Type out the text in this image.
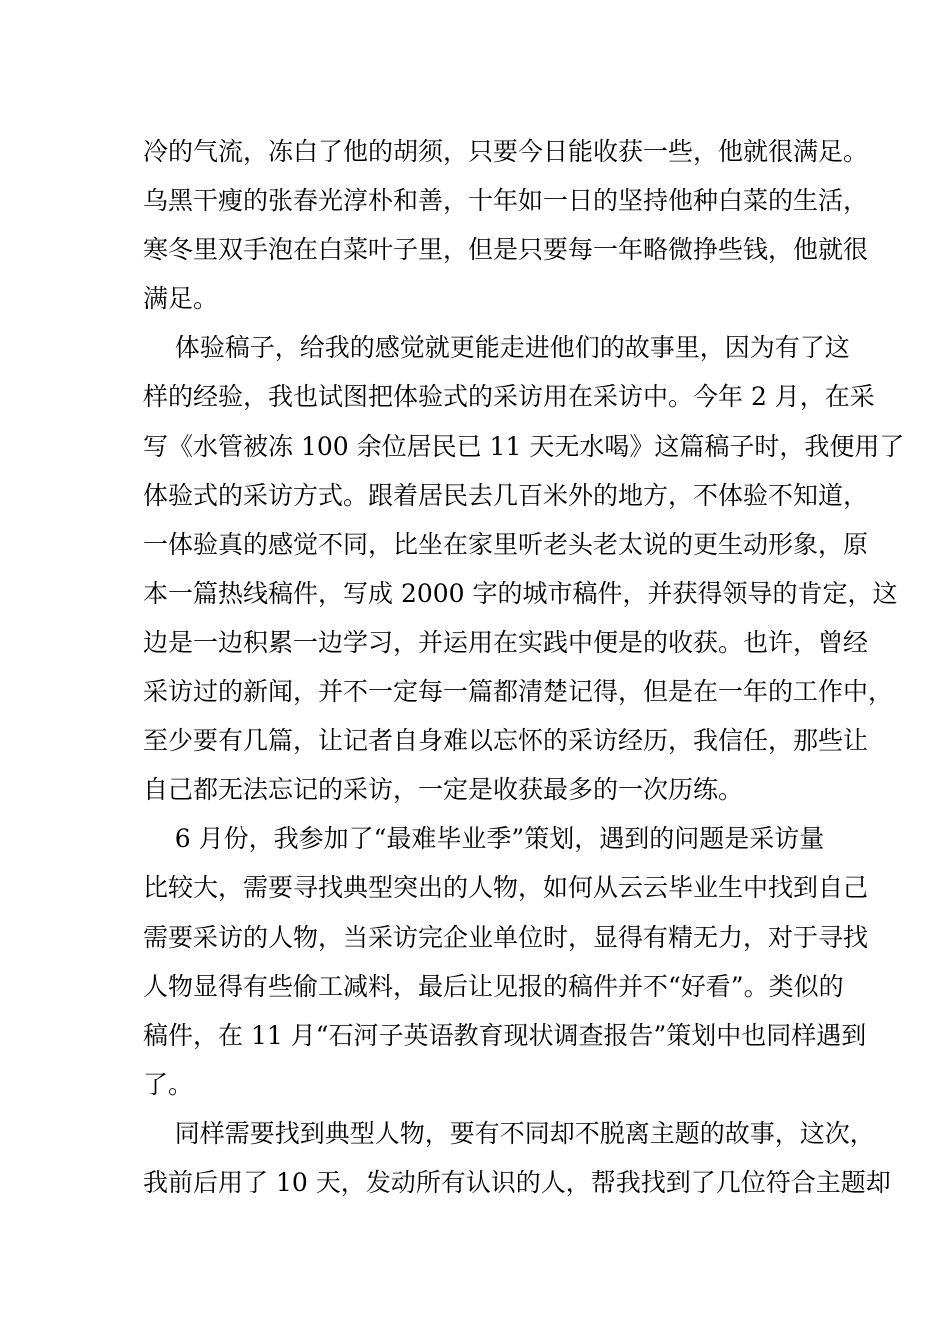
冷的气流，冻白了他的胡须，只要今日能收获一些，他就很满足。
乌黑干瘦的张春光淳朴和善，十年如一日的坚持他种白菜的生活，
寒冬里双手泡在白菜叶子里，但是只要每一年略微挣些钱，他就很
满足。
体验稿子，给我的感觉就更能走进他们的故事里，因为有了这
样的经验，我也试图把体验式的采访用在采访中。今年 2 月，在采
写《水管被冻 100 余位居民已 11 天无水喝》这篇稿子时，我便用了
体验式的采访方式。跟着居民去几百米外的地方，不体验不知道，
一体验真的感觉不同，比坐在家里听老头老太说的更生动形象，原
本一篇热线稿件，写成 2000 字的城市稿件，并获得领导的肯定，这
边是一边积累一边学习，并运用在实践中便是的收获。也许，曾经
采访过的新闻，并不一定每一篇都清楚记得，但是在一年的工作中，
至少要有几篇，让记者自身难以忘怀的采访经历，我信任，那些让
自己都无法忘记的采访，一定是收获最多的一次历练。
6 月份，我参加了“最难毕业季”策划，遇到的问题是采访量
比较大，需要寻找典型突出的人物，如何从云云毕业生中找到自己
需要采访的人物，当采访完企业单位时，显得有精无力，对于寻找
人物显得有些偷工减料，最后让见报的稿件并不“好看”。类似的
稿件，在 11 月“石河子英语教育现状调查报告”策划中也同样遇到
了。
同样需要找到典型人物，要有不同却不脱离主题的故事，这次，
我前后用了 10 天，发动所有认识的人，帮我找到了几位符合主题却
